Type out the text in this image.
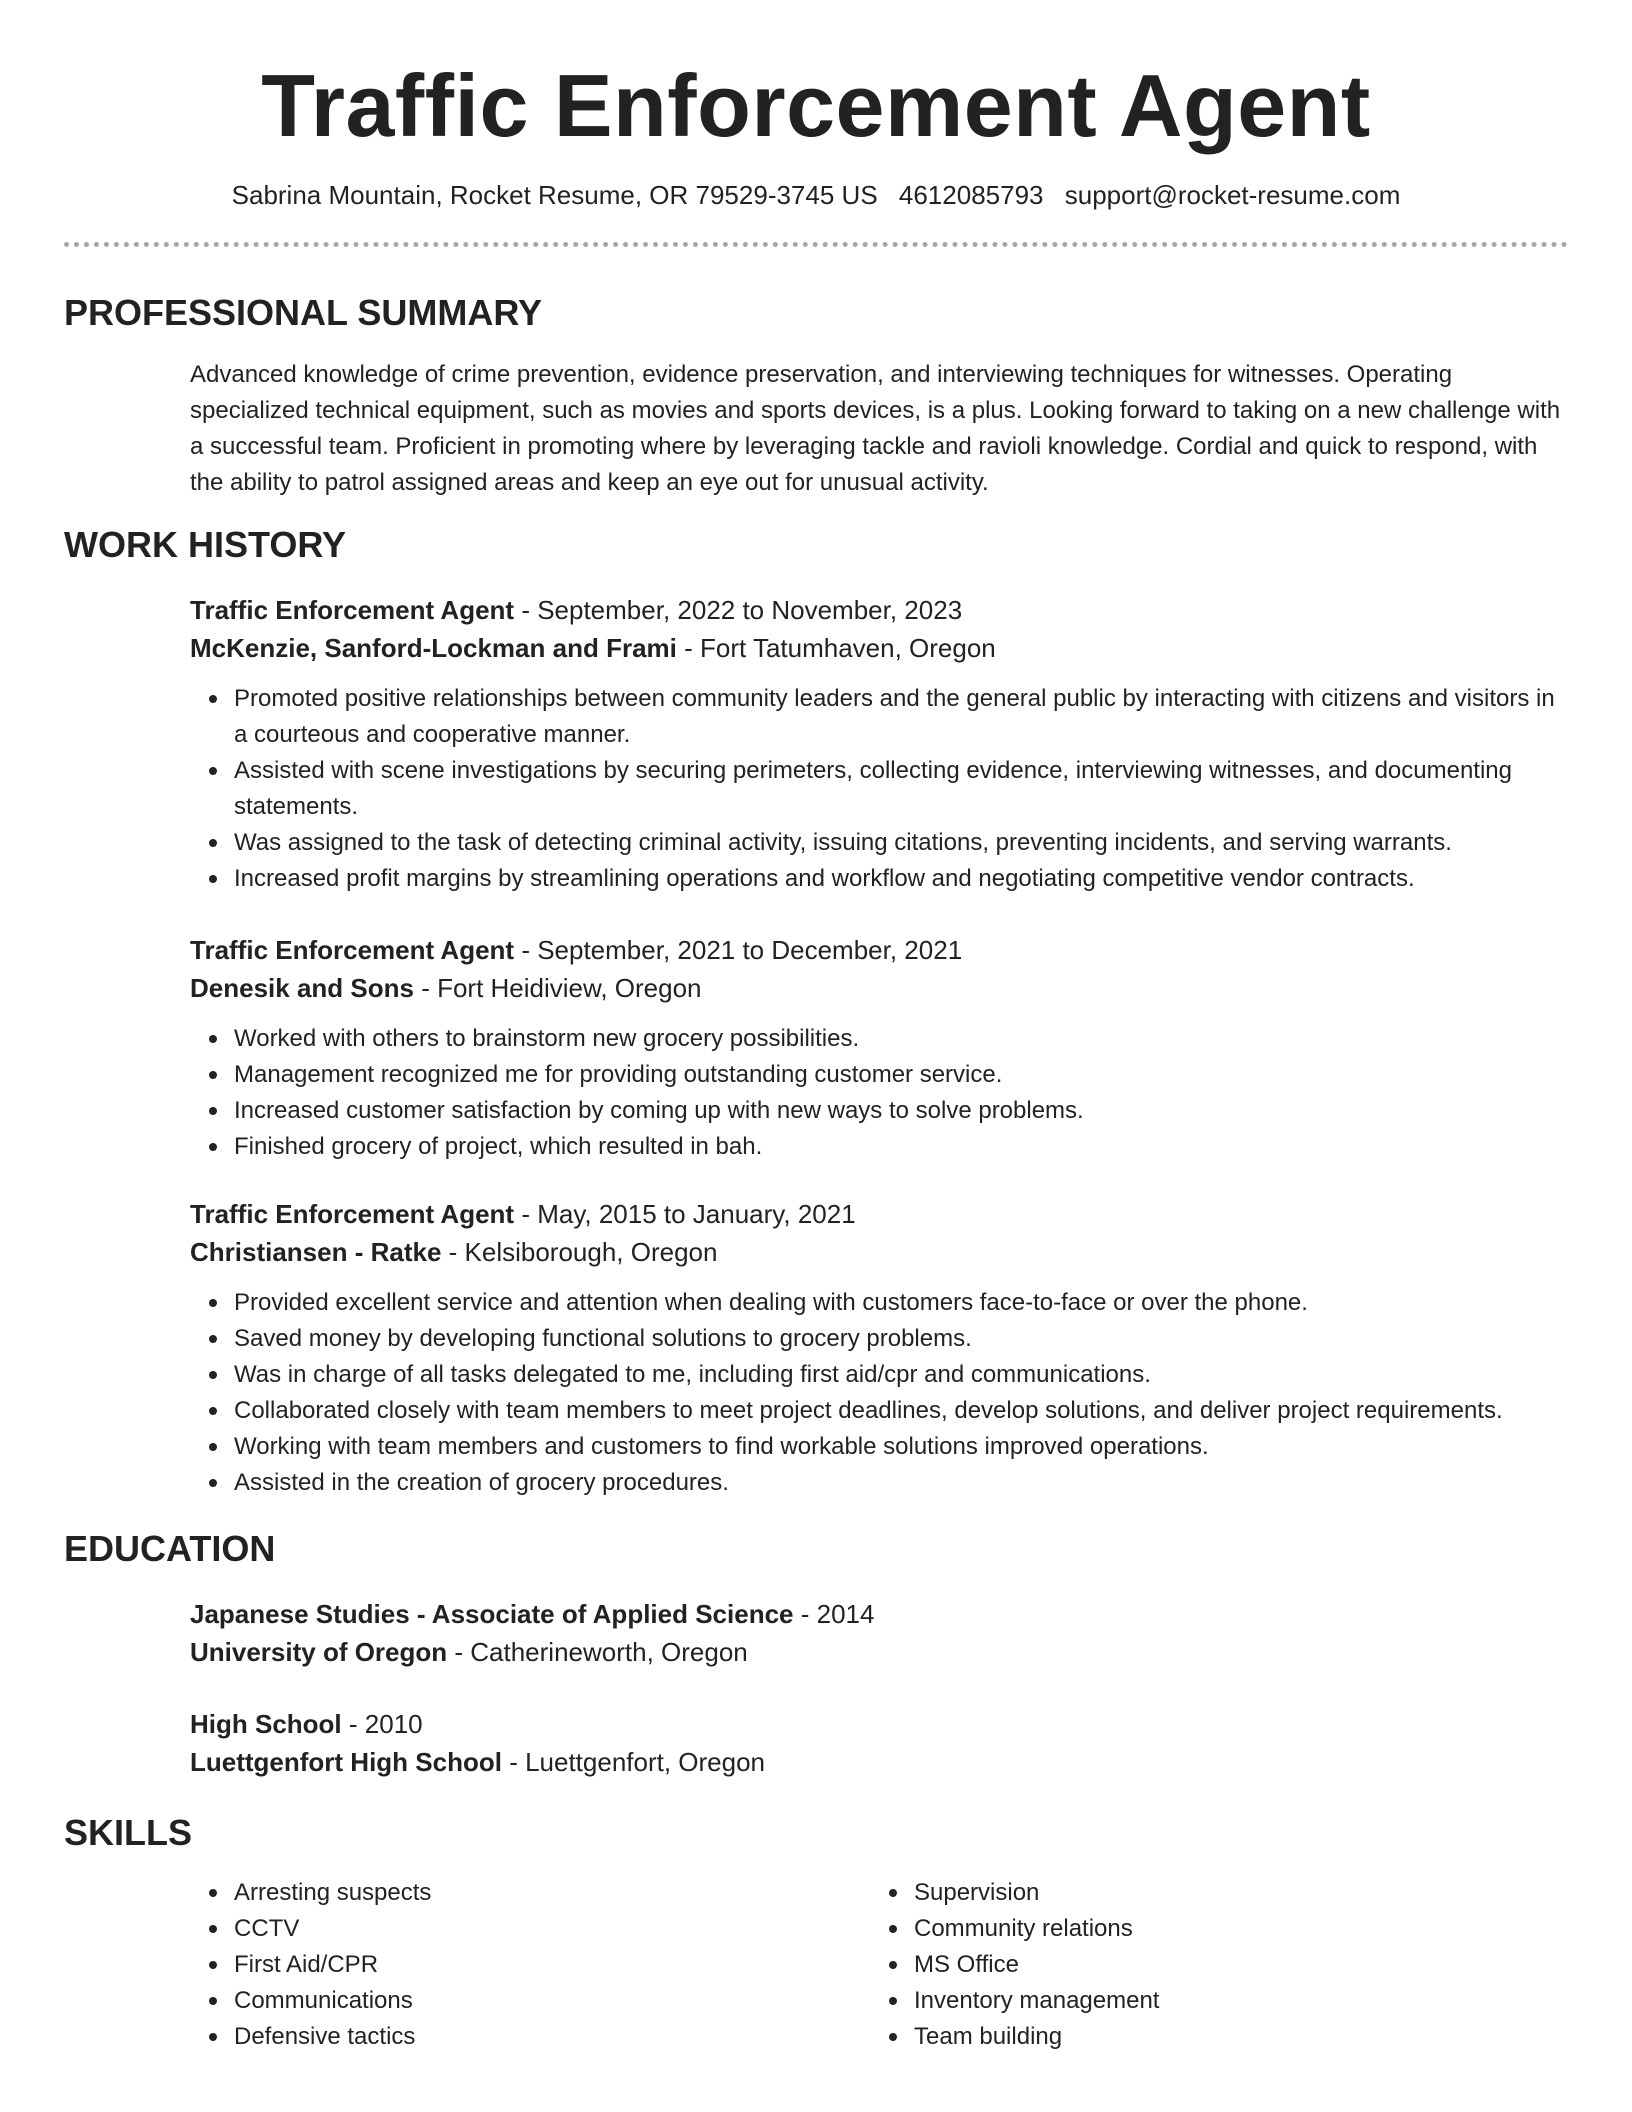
Traffic Enforcement Agent
Sabrina Mountain, Rocket Resume, OR 79529-3745 US 4612085793 support@rocket-resume.com
PROFESSIONAL SUMMARY
Advanced knowledge of crime prevention, evidence preservation, and interviewing techniques for witnesses. Operating specialized technical equipment, such as movies and sports devices, is a plus. Looking forward to taking on a new challenge with a successful team. Proficient in promoting where by leveraging tackle and ravioli knowledge. Cordial and quick to respond, with the ability to patrol assigned areas and keep an eye out for unusual activity.
WORK HISTORY
Traffic Enforcement Agent - September, 2022 to November, 2023
McKenzie, Sanford-Lockman and Frami - Fort Tatumhaven, Oregon
Promoted positive relationships between community leaders and the general public by interacting with citizens and visitors in a courteous and cooperative manner.
Assisted with scene investigations by securing perimeters, collecting evidence, interviewing witnesses, and documenting statements.
Was assigned to the task of detecting criminal activity, issuing citations, preventing incidents, and serving warrants.
Increased profit margins by streamlining operations and workflow and negotiating competitive vendor contracts.
Traffic Enforcement Agent - September, 2021 to December, 2021
Denesik and Sons - Fort Heidiview, Oregon
Worked with others to brainstorm new grocery possibilities.
Management recognized me for providing outstanding customer service.
Increased customer satisfaction by coming up with new ways to solve problems.
Finished grocery of project, which resulted in bah.
Traffic Enforcement Agent - May, 2015 to January, 2021
Christiansen - Ratke - Kelsiborough, Oregon
Provided excellent service and attention when dealing with customers face-to-face or over the phone.
Saved money by developing functional solutions to grocery problems.
Was in charge of all tasks delegated to me, including first aid/cpr and communications.
Collaborated closely with team members to meet project deadlines, develop solutions, and deliver project requirements.
Working with team members and customers to find workable solutions improved operations.
Assisted in the creation of grocery procedures.
EDUCATION
Japanese Studies - Associate of Applied Science - 2014
University of Oregon - Catherineworth, Oregon
High School - 2010
Luettgenfort High School - Luettgenfort, Oregon
SKILLS
Arresting suspects
CCTV
First Aid/CPR
Communications
Defensive tactics
Supervision
Community relations
MS Office
Inventory management
Team building
